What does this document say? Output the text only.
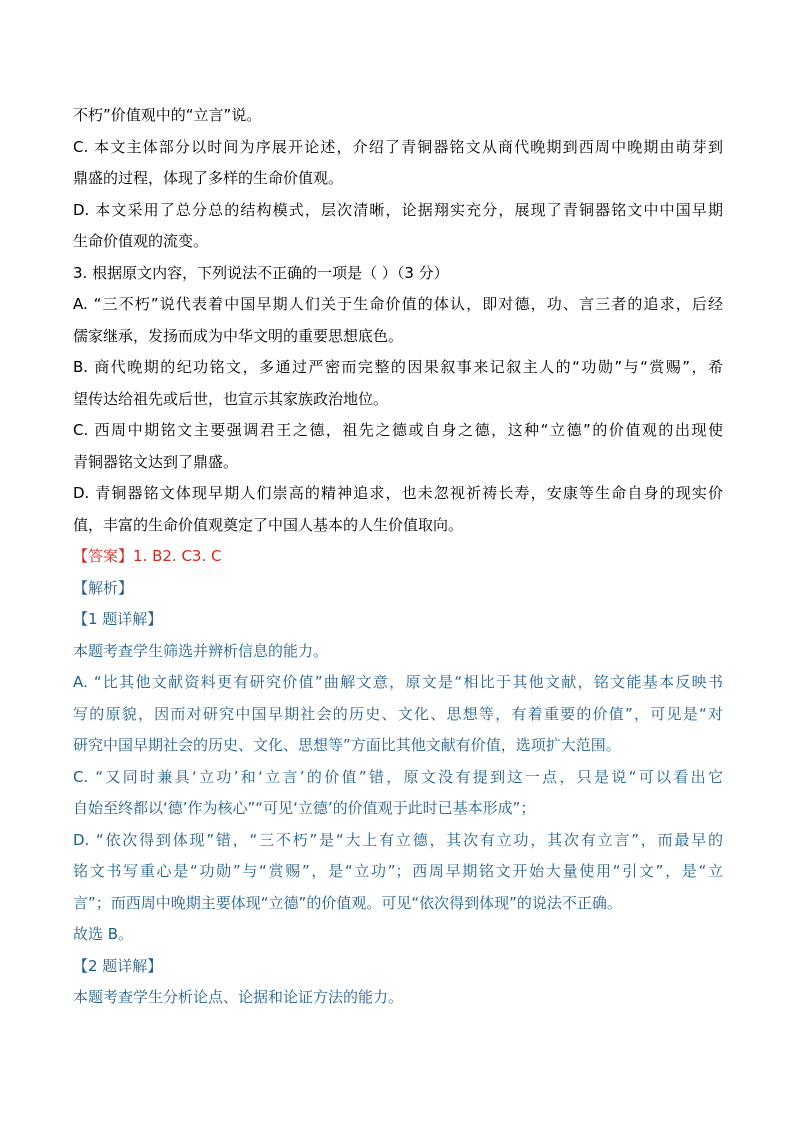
不朽”价值观中的“立言”说。
C. 本文主体部分以时间为序展开论述，介绍了青铜器铭文从商代晚期到西周中晚期由萌芽到
鼎盛的过程，体现了多样的生命价值观。
D. 本文采用了总分总的结构模式，层次清晰，论据翔实充分，展现了青铜器铭文中中国早期
生命价值观的流变。
3. 根据原文内容，下列说法不正确的一项是（ ）（3 分）
A. “三不朽”说代表着中国早期人们关于生命价值的体认，即对德，功、言三者的追求，后经
儒家继承，发扬而成为中华文明的重要思想底色。
B. 商代晚期的纪功铭文，多通过严密而完整的因果叙事来记叙主人的“功勋”与“赏赐”，希
望传达给祖先或后世，也宣示其家族政治地位。
C. 西周中期铭文主要强调君王之德，祖先之德或自身之德，这种“立德”的价值观的出现使
青铜器铭文达到了鼎盛。
D. 青铜器铭文体现早期人们崇高的精神追求，也未忽视祈祷长寿，安康等生命自身的现实价
值，丰富的生命价值观奠定了中国人基本的人生价值取向。
【答案】1. B2. C3. C
【解析】
【1 题详解】
本题考查学生筛选并辨析信息的能力。
A. “比其他文献资料更有研究价值”曲解文意，原文是“相比于其他文献，铭文能基本反映书
写的原貌，因而对研究中国早期社会的历史、文化、思想等，有着重要的价值”，可见是“对
研究中国早期社会的历史、文化、思想等”方面比其他文献有价值，选项扩大范围。
C. “又同时兼具‘立功’和‘立言’的价值”错，原文没有提到这一点，只是说“可以看出它
自始至终都以‘德’作为核心”“可见‘立德’的价值观于此时已基本形成”；
D. “依次得到体现”错，“三不朽”是“大上有立德，其次有立功，其次有立言”，而最早的
铭文书写重心是“功勋”与“赏赐”，是“立功”；西周早期铭文开始大量使用“引文”，是“立
言”；而西周中晚期主要体现“立德”的价值观。可见“依次得到体现”的说法不正确。
故选 B。
【2 题详解】
本题考查学生分析论点、论据和论证方法的能力。
